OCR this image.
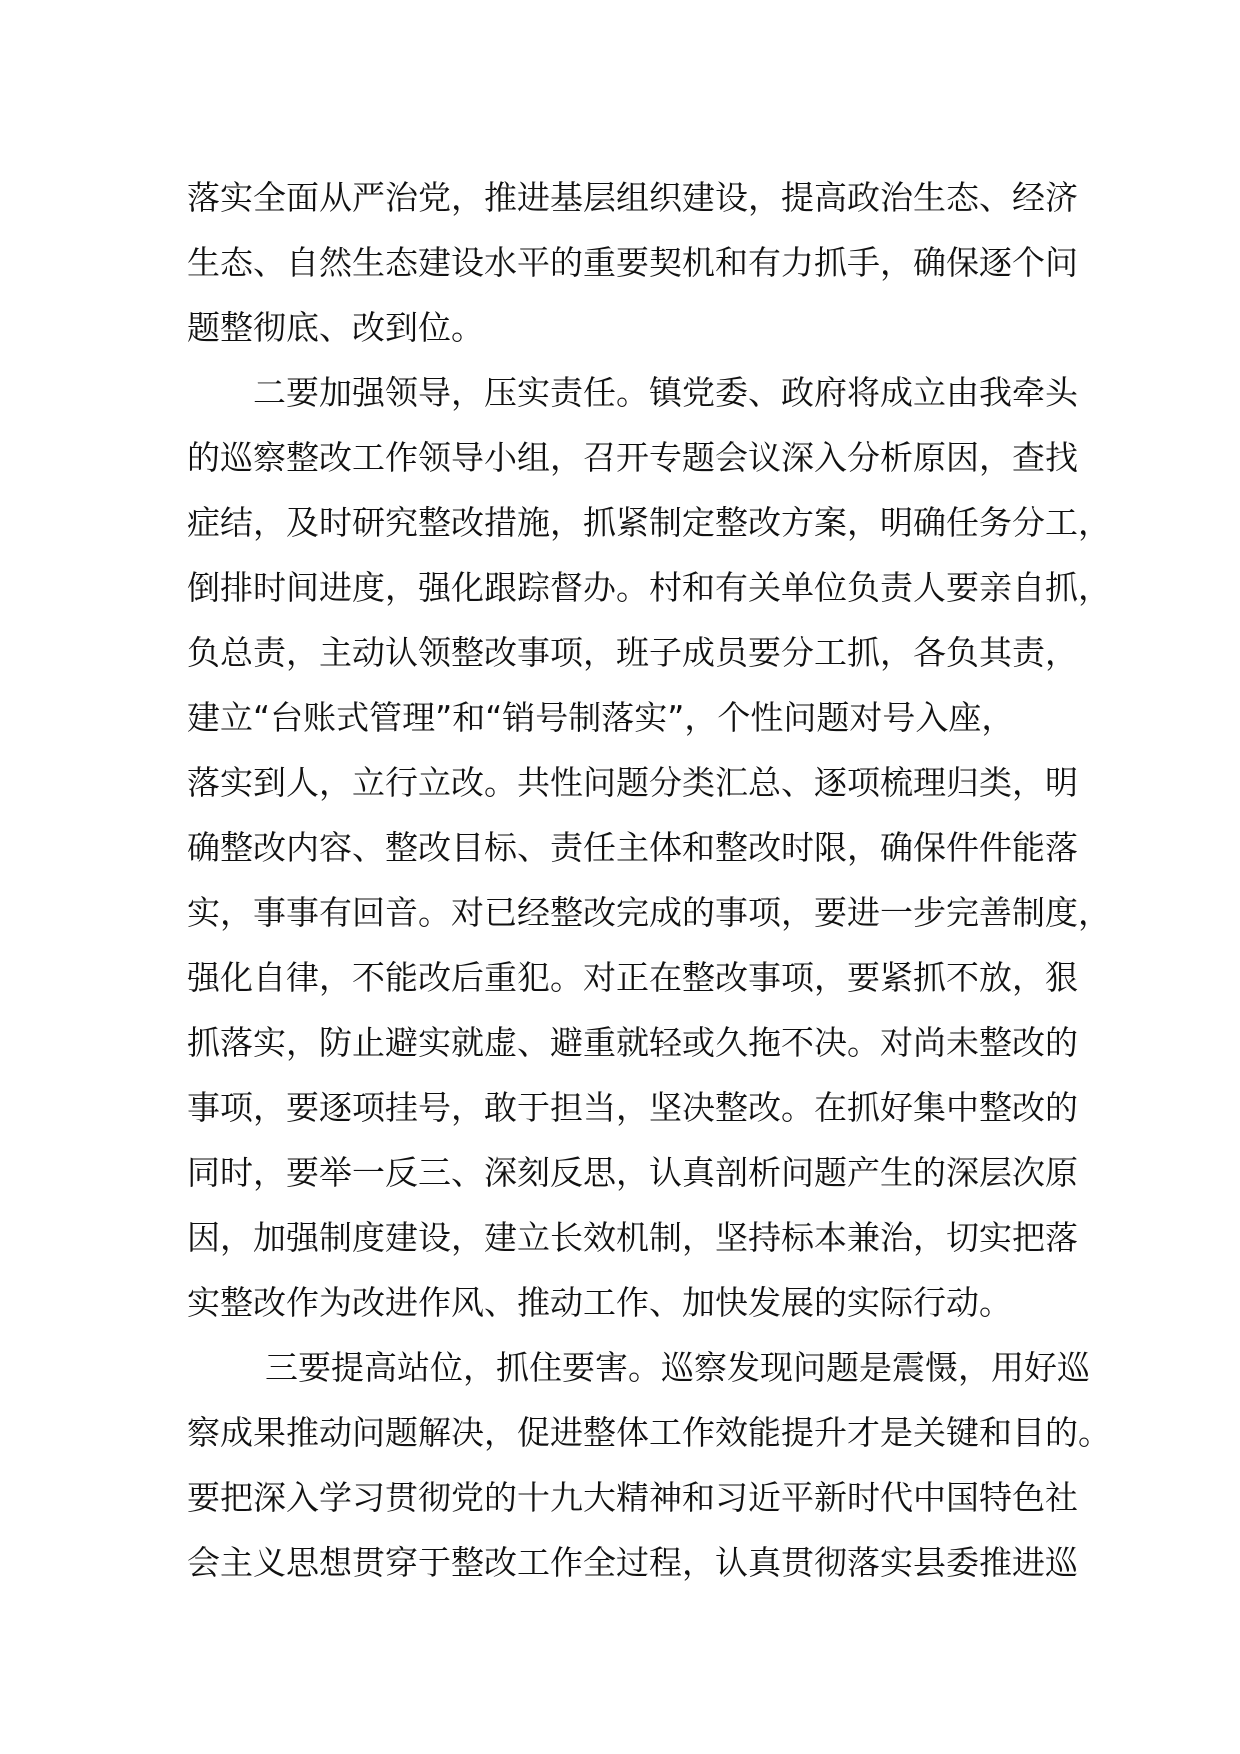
落实全面从严治党，推进基层组织建设，提高政治生态、经济
生态、自然生态建设水平的重要契机和有力抓手，确保逐个问
题整彻底、改到位。
二要加强领导，压实责任。镇党委、政府将成立由我牵头
的巡察整改工作领导小组，召开专题会议深入分析原因，查找
症结，及时研究整改措施，抓紧制定整改方案，明确任务分工，
倒排时间进度，强化跟踪督办。村和有关单位负责人要亲自抓，
负总责，主动认领整改事项，班子成员要分工抓，各负其责，
建立“台账式管理”和“销号制落实”，个性问题对号入座，
落实到人，立行立改。共性问题分类汇总、逐项梳理归类，明
确整改内容、整改目标、责任主体和整改时限，确保件件能落
实，事事有回音。对已经整改完成的事项，要进一步完善制度，
强化自律，不能改后重犯。对正在整改事项，要紧抓不放，狠
抓落实，防止避实就虚、避重就轻或久拖不决。对尚未整改的
事项，要逐项挂号，敢于担当，坚决整改。在抓好集中整改的
同时，要举一反三、深刻反思，认真剖析问题产生的深层次原
因，加强制度建设，建立长效机制，坚持标本兼治，切实把落
实整改作为改进作风、推动工作、加快发展的实际行动。
三要提高站位，抓住要害。巡察发现问题是震慑，用好巡
察成果推动问题解决，促进整体工作效能提升才是关键和目的。
要把深入学习贯彻党的十九大精神和习近平新时代中国特色社
会主义思想贯穿于整改工作全过程，认真贯彻落实县委推进巡
